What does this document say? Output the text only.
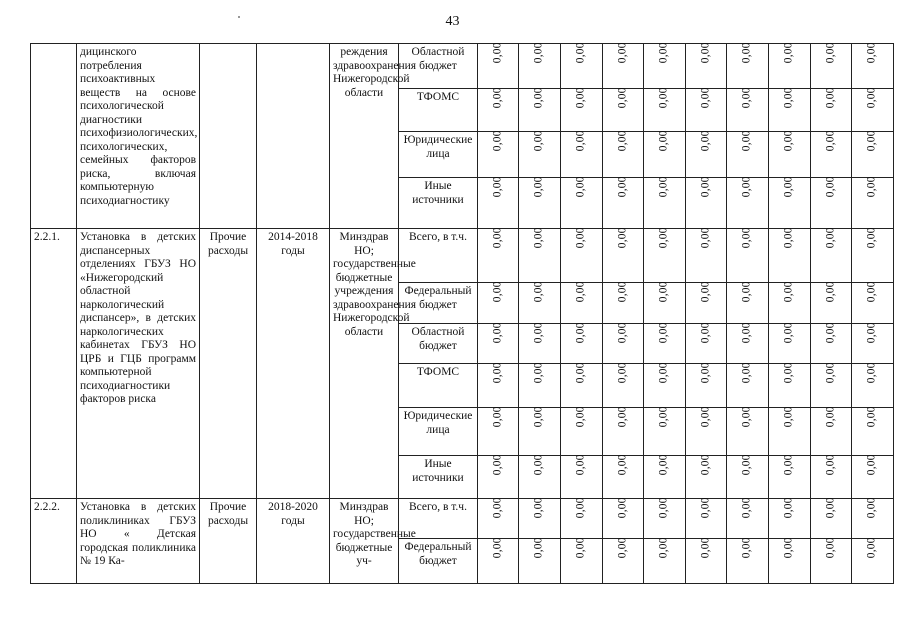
43
	дицинского потребления психоактивных веществ на основе психологической диагностики психофизиологических, психологических, семейных факторов риска, включая компьютерную психодиагностику			реждения здравоохранения Нижегородской области	Областной бюджет	0,00	0,00	0,00	0,00	0,00	0,00	0,00	0,00	0,00	0,00

					ТФОМС	0,00	0,00	0,00	0,00	0,00	0,00	0,00	0,00	0,00	0,00

					Юридические лица	0,00	0,00	0,00	0,00	0,00	0,00	0,00	0,00	0,00	0,00

					Иные источники	0,00	0,00	0,00	0,00	0,00	0,00	0,00	0,00	0,00	0,00

2.2.1.	Установка в детских диспансерных отделениях ГБУЗ НО «Нижегородский областной наркологический диспансер», в детских наркологических кабинетах ГБУЗ НО ЦРБ и ГЦБ программ компьютерной психодиагностики факторов риска	Прочие расходы	2014-2018 годы	Минздрав НО; государственные бюджетные учреждения здравоохранения Нижегородской области	Всего, в т.ч.	0,00	0,00	0,00	0,00	0,00	0,00	0,00	0,00	0,00	0,00

					Федеральный бюджет	0,00	0,00	0,00	0,00	0,00	0,00	0,00	0,00	0,00	0,00

					Областной бюджет	0,00	0,00	0,00	0,00	0,00	0,00	0,00	0,00	0,00	0,00

					ТФОМС	0,00	0,00	0,00	0,00	0,00	0,00	0,00	0,00	0,00	0,00

					Юридические лица	0,00	0,00	0,00	0,00	0,00	0,00	0,00	0,00	0,00	0,00

					Иные источники	0,00	0,00	0,00	0,00	0,00	0,00	0,00	0,00	0,00	0,00

2.2.2.	Установка в детских поликлиниках ГБУЗ НО « Детская городская поликлиника № 19 Ка-	Прочие расходы	2018-2020 годы	Минздрав НО; государственные бюджетные уч-	Всего, в т.ч.	0,00	0,00	0,00	0,00	0,00	0,00	0,00	0,00	0,00	0,00

					Федеральный бюджет	0,00	0,00	0,00	0,00	0,00	0,00	0,00	0,00	0,00	0,00
